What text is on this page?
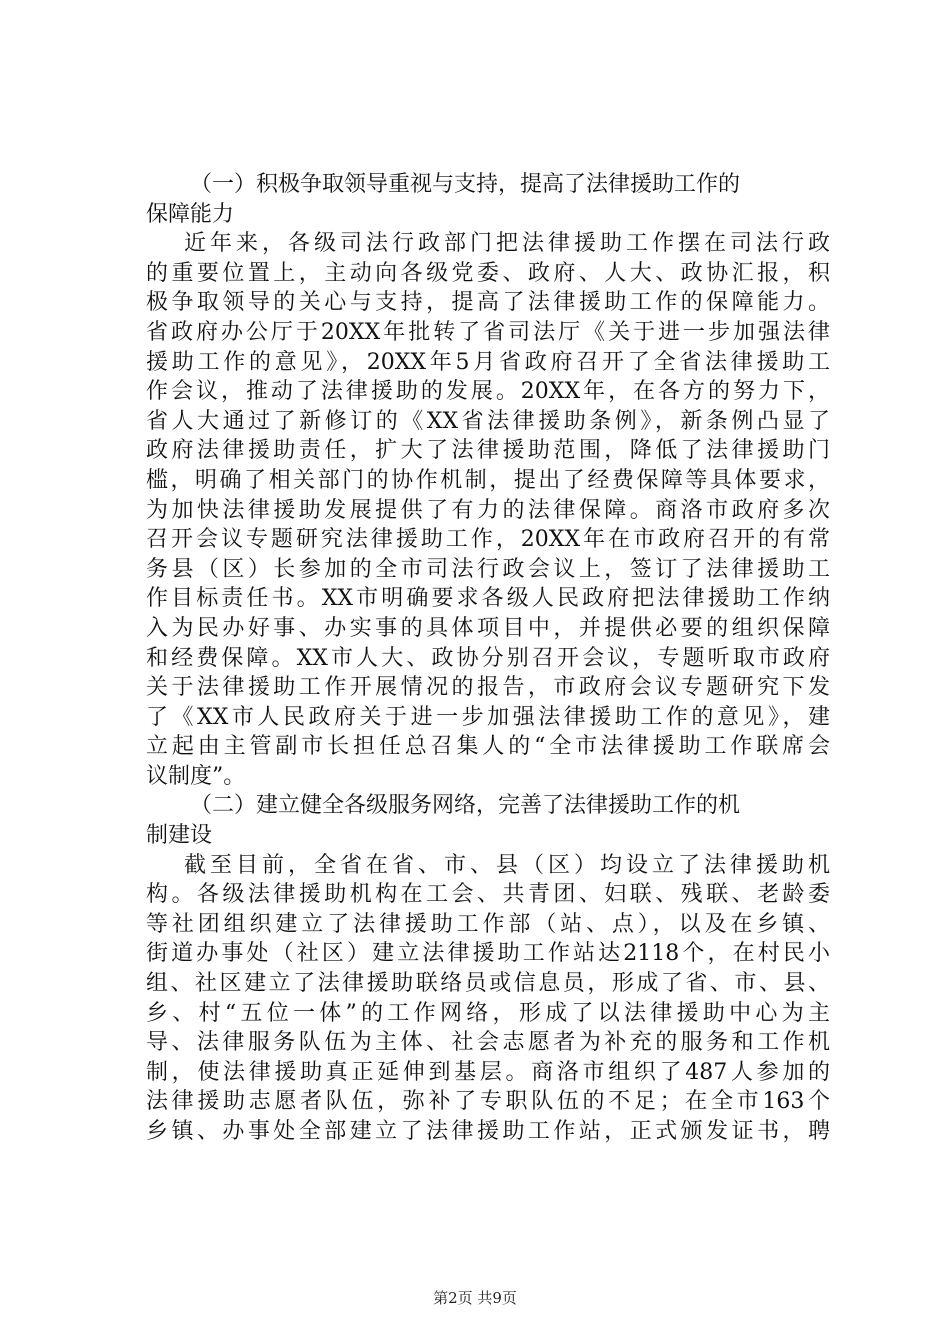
（一）积极争取领导重视与支持，提高了法律援助工作的
保障能力
近年来，各级司法行政部门把法律援助工作摆在司法行政
的重要位置上，主动向各级党委、政府、人大、政协汇报，积
极争取领导的关心与支持，提高了法律援助工作的保障能力。
省政府办公厅于20XX年批转了省司法厅《关于进一步加强法律
援助工作的意见》，20XX年5月省政府召开了全省法律援助工
作会议，推动了法律援助的发展。20XX年，在各方的努力下，
省人大通过了新修订的《XX省法律援助条例》，新条例凸显了
政府法律援助责任，扩大了法律援助范围，降低了法律援助门
槛，明确了相关部门的协作机制，提出了经费保障等具体要求，
为加快法律援助发展提供了有力的法律保障。商洛市政府多次
召开会议专题研究法律援助工作，20XX年在市政府召开的有常
务县（区）长参加的全市司法行政会议上，签订了法律援助工
作目标责任书。XX市明确要求各级人民政府把法律援助工作纳
入为民办好事、办实事的具体项目中，并提供必要的组织保障
和经费保障。XX市人大、政协分别召开会议，专题听取市政府
关于法律援助工作开展情况的报告，市政府会议专题研究下发
了《XX市人民政府关于进一步加强法律援助工作的意见》，建
立起由主管副市长担任总召集人的“全市法律援助工作联席会
议制度”。
（二）建立健全各级服务网络，完善了法律援助工作的机
制建设
截至目前，全省在省、市、县（区）均设立了法律援助机
构。各级法律援助机构在工会、共青团、妇联、残联、老龄委
等社团组织建立了法律援助工作部（站、点），以及在乡镇、
街道办事处（社区）建立法律援助工作站达2118个，在村民小
组、社区建立了法律援助联络员或信息员，形成了省、市、县、
乡、村“五位一体”的工作网络，形成了以法律援助中心为主
导、法律服务队伍为主体、社会志愿者为补充的服务和工作机
制，使法律援助真正延伸到基层。商洛市组织了487人参加的
法律援助志愿者队伍，弥补了专职队伍的不足；在全市163个
乡镇、办事处全部建立了法律援助工作站，正式颁发证书，聘
第2页 共9页
